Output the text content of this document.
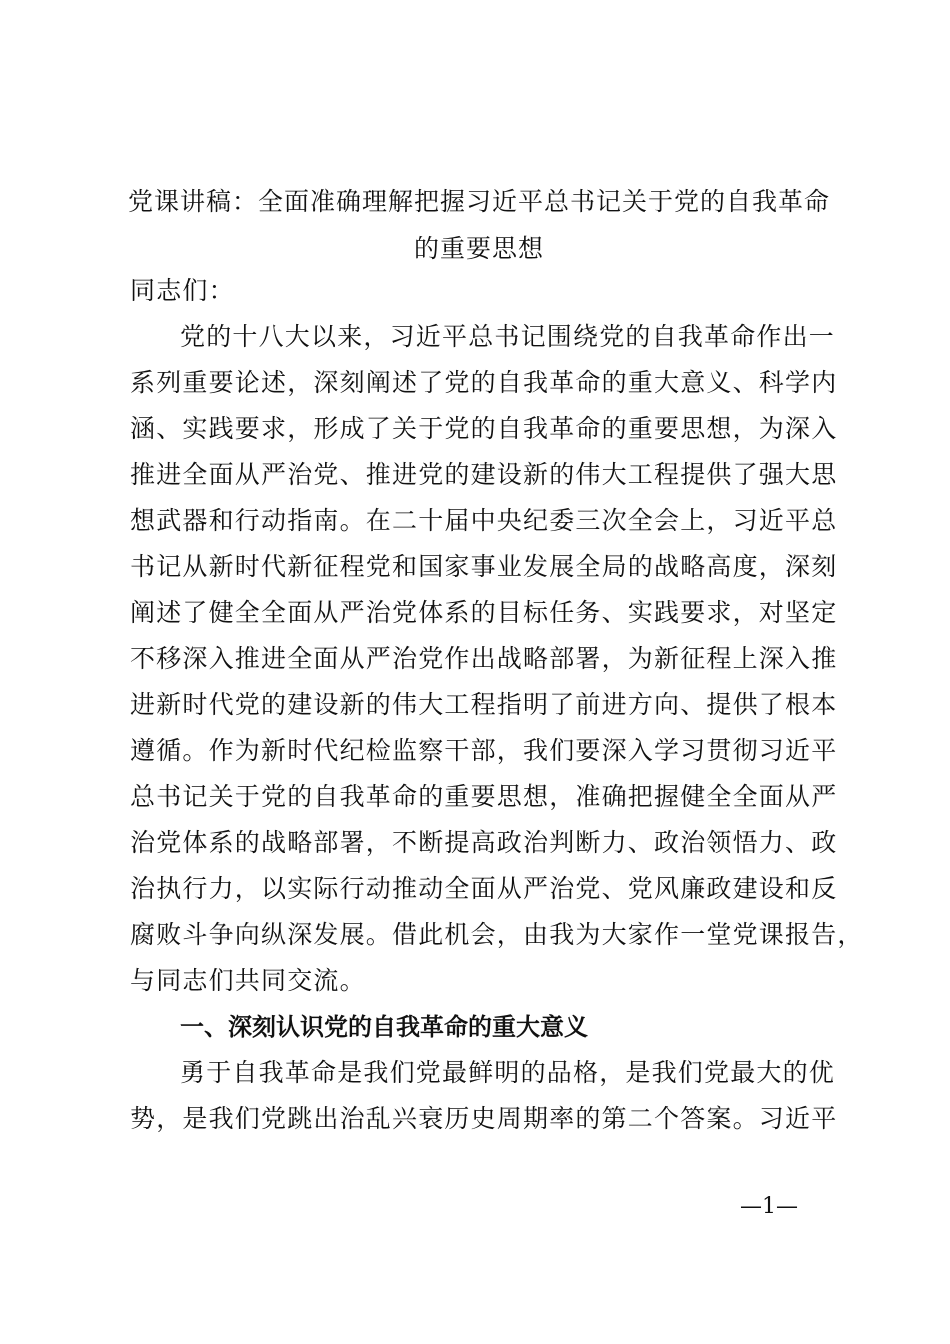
党课讲稿：全面准确理解把握习近平总书记关于党的自我革命
的重要思想
同志们：
党的十八大以来，习近平总书记围绕党的自我革命作出一
系列重要论述，深刻阐述了党的自我革命的重大意义、科学内
涵、实践要求，形成了关于党的自我革命的重要思想，为深入
推进全面从严治党、推进党的建设新的伟大工程提供了强大思
想武器和行动指南。在二十届中央纪委三次全会上，习近平总
书记从新时代新征程党和国家事业发展全局的战略高度，深刻
阐述了健全全面从严治党体系的目标任务、实践要求，对坚定
不移深入推进全面从严治党作出战略部署，为新征程上深入推
进新时代党的建设新的伟大工程指明了前进方向、提供了根本
遵循。作为新时代纪检监察干部，我们要深入学习贯彻习近平
总书记关于党的自我革命的重要思想，准确把握健全全面从严
治党体系的战略部署，不断提高政治判断力、政治领悟力、政
治执行力，以实际行动推动全面从严治党、党风廉政建设和反
腐败斗争向纵深发展。借此机会，由我为大家作一堂党课报告，
与同志们共同交流。
一、深刻认识党的自我革命的重大意义
勇于自我革命是我们党最鲜明的品格，是我们党最大的优
势，是我们党跳出治乱兴衰历史周期率的第二个答案。习近平
—1—
